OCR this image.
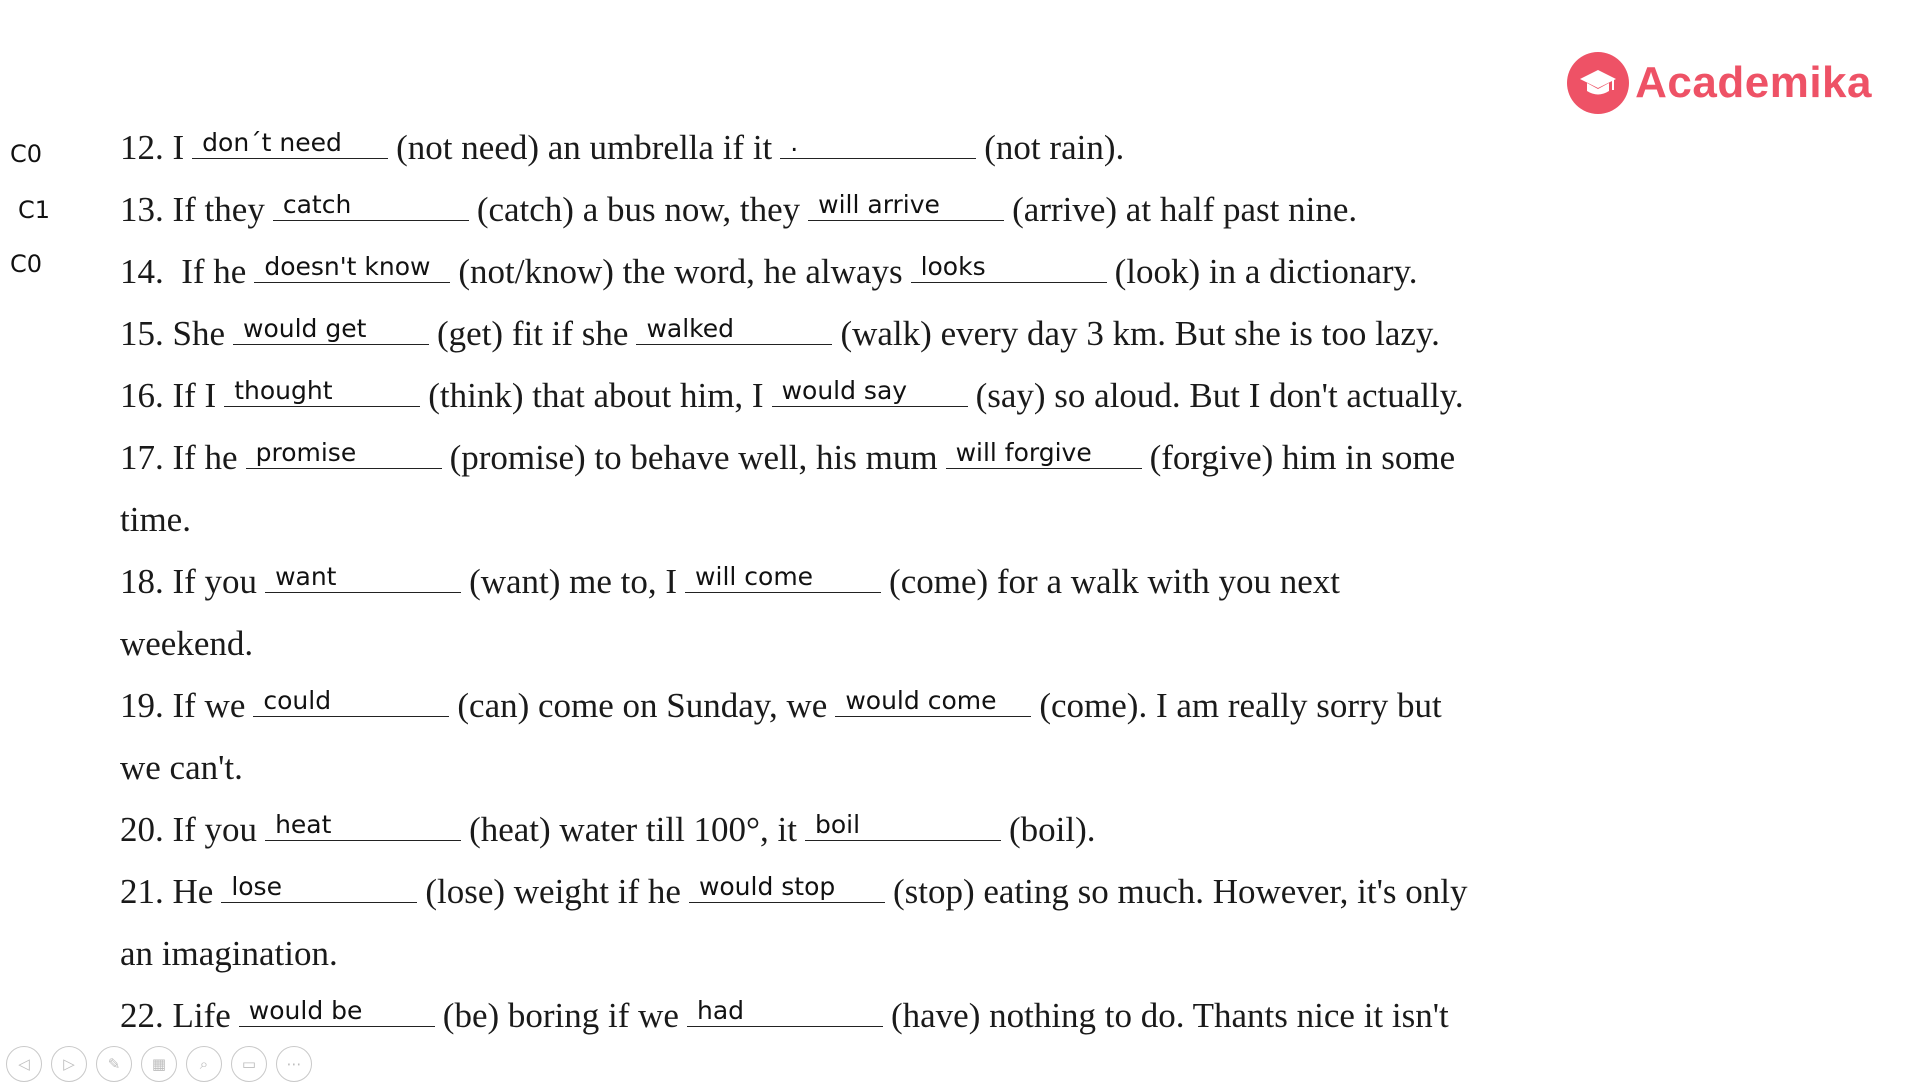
Academika
C0
C1
C0
12. I don´t need (not need) an umbrella if it .	(not rain).
13. If they catch	(catch) a bus now, they will arrive (arrive) at half past nine.
14.  If he doesn't know (not/know) the word, he always looks	(look) in a dictionary.
15. She would get (get) fit if she walked	(walk) every day 3 km. But she is too lazy.
16. If I thought	(think) that about him, I would say (say) so aloud. But I don't actually.
17. If he promise	(promise) to behave well, his mum will forgive (forgive) him in some
time.
18. If you want	(want) me to, I will come (come) for a walk with you next
weekend.
19. If we could	(can) come on Sunday, we would come (come). I am really sorry but
we can't.
20. If you heat	(heat) water till 100°, it boil	(boil).
21. He lose	(lose) weight if he would stop (stop) eating so much. However, it's only
an imagination.
22. Life would be (be) boring if we had	(have) nothing to do. Thants nice it isn't
◁	▷	✎	▦	⌕	▭	⋯
